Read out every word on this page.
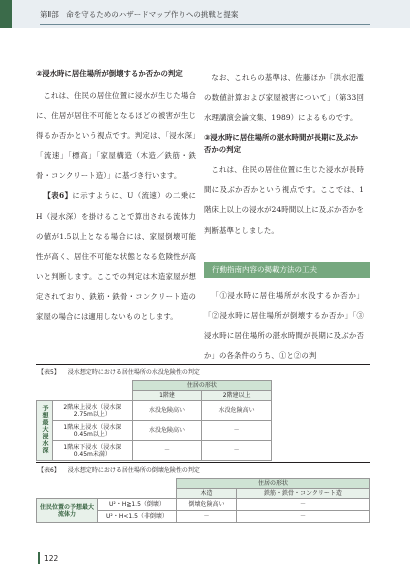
第Ⅱ部　命を守るためのハザードマップ作りへの挑戦と提案
②浸水時に居住場所が倒壊するか否かの判定

これは、住民の居住位置に浸水が生じた場合に、住居が居住不可能となるほどの被害が生じ得るか否かという視点です。判定は、「浸水深」「流速」「標高」「家屋構造（木造／鉄筋・鉄骨・コンクリート造）」に基づき行います。

【表6】に示すように、U（流速）の二乗にH（浸水深）を掛けることで算出される流体力の値が1.5以上となる場合には、家屋倒壊可能性が高く、居住不可能な状態となる危険性が高いと判断します。ここでの判定は木造家屋が想定されており、鉄筋・鉄骨・コンクリート造の家屋の場合には適用しないものとします。

なお、これらの基準は、佐藤ほか「洪水氾濫の数値計算および家屋被害について」（第33回水理講演会論文集、1989）によるものです。

③浸水時に居住場所の湛水時間が長期に及ぶか否かの判定

これは、住民の居住位置に生じた浸水が長時間に及ぶか否かという視点です。ここでは、1階床上以上の浸水が24時間以上に及ぶか否かを判断基準としました。

行動指南内容の掲載方法の工夫

「①浸水時に居住場所が水没するか否か」「②浸水時に居住場所が倒壊するか否か」「③浸水時に居住場所の湛水時間が長期に及ぶか否か」の各条件のうち、①と②の判

【表5】 浸水想定時における居住場所の水没危険性の判定
		住居の形状	
		1階建	2階建以上
予想最大浸水深	2階床上浸水（浸水深2.75m以上）	水没危険高い	水没危険高い
	1階床上浸水（浸水深0.45m以上）	水没危険高い	－
	1階床下浸水（浸水深0.45m未満）	－	－
【表6】 浸水想定時における居住場所の倒壊危険性の判定
		住居の形状	
		木造	鉄筋・鉄骨・コンクリート造
住民位置の予想最大流体力	U²・H≧1.5（倒壊）	倒壊危険高い	－
	U²・H<1.5（非倒壊）	－	－
122
